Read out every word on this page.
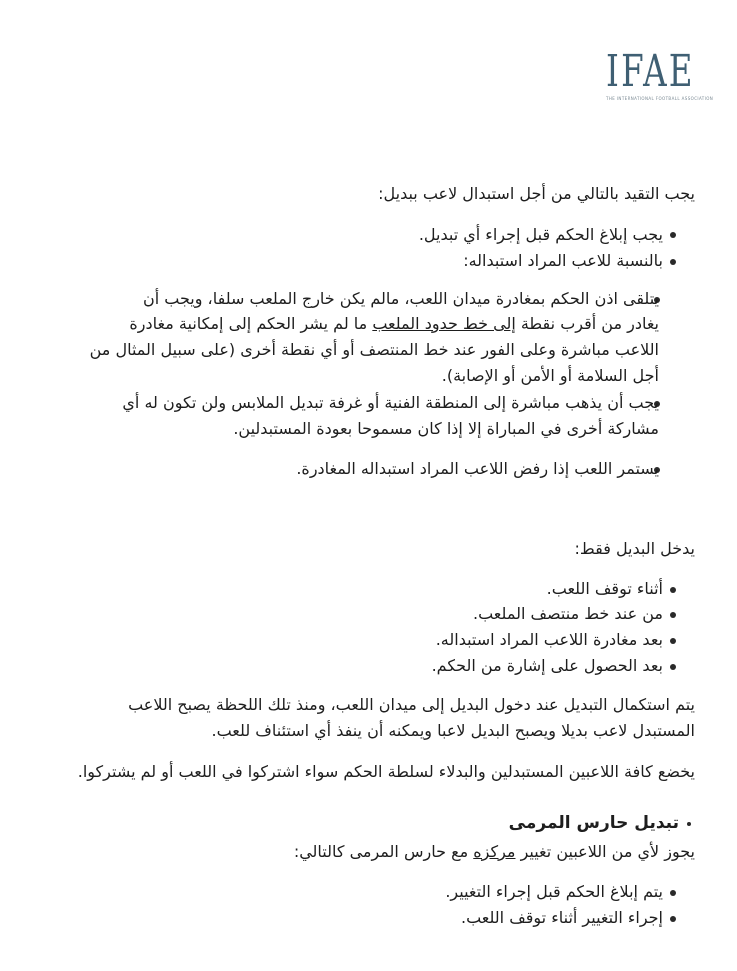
IFAE
THE INTERNATIONAL FOOTBALL ASSOCIATION
يجب التقيد بالتالي من أجل استبدال لاعب ببديل:
يجب إبلاغ الحكم قبل إجراء أي تبديل.
بالنسبة للاعب المراد استبداله:
يتلقى اذن الحكم بمغادرة ميدان اللعب، مالم يكن خارج الملعب سلفا، ويجب أن
يغادر من أقرب نقطة إلى خط حدود الملعب ما لم يشر الحكم إلى إمكانية مغادرة
اللاعب مباشرة وعلى الفور عند خط المنتصف أو أي نقطة أخرى (على سبيل المثال من
أجل السلامة أو الأمن أو الإصابة).
يجب أن يذهب مباشرة إلى المنطقة الفنية أو غرفة تبديل الملابس ولن تكون له أي
مشاركة أخرى في المباراة إلا إذا كان مسموحا بعودة المستبدلين.
يستمر اللعب إذا رفض اللاعب المراد استبداله المغادرة.
يدخل البديل فقط:
أثناء توقف اللعب.
من عند خط منتصف الملعب.
بعد مغادرة اللاعب المراد استبداله.
بعد الحصول على إشارة من الحكم.
يتم استكمال التبديل عند دخول البديل إلى ميدان اللعب، ومنذ تلك اللحظة يصبح اللاعب
المستبدل لاعب بديلا ويصبح البديل لاعبا ويمكنه أن ينفذ أي استئناف للعب.
يخضع كافة اللاعبين المستبدلين والبدلاء لسلطة الحكم سواء اشتركوا في اللعب أو لم يشتركوا.
تبديل حارس المرمى
يجوز لأي من اللاعبين تغيير مركزه مع حارس المرمى كالتالي:
يتم إبلاغ الحكم قبل إجراء التغيير.
إجراء التغيير أثناء توقف اللعب.
